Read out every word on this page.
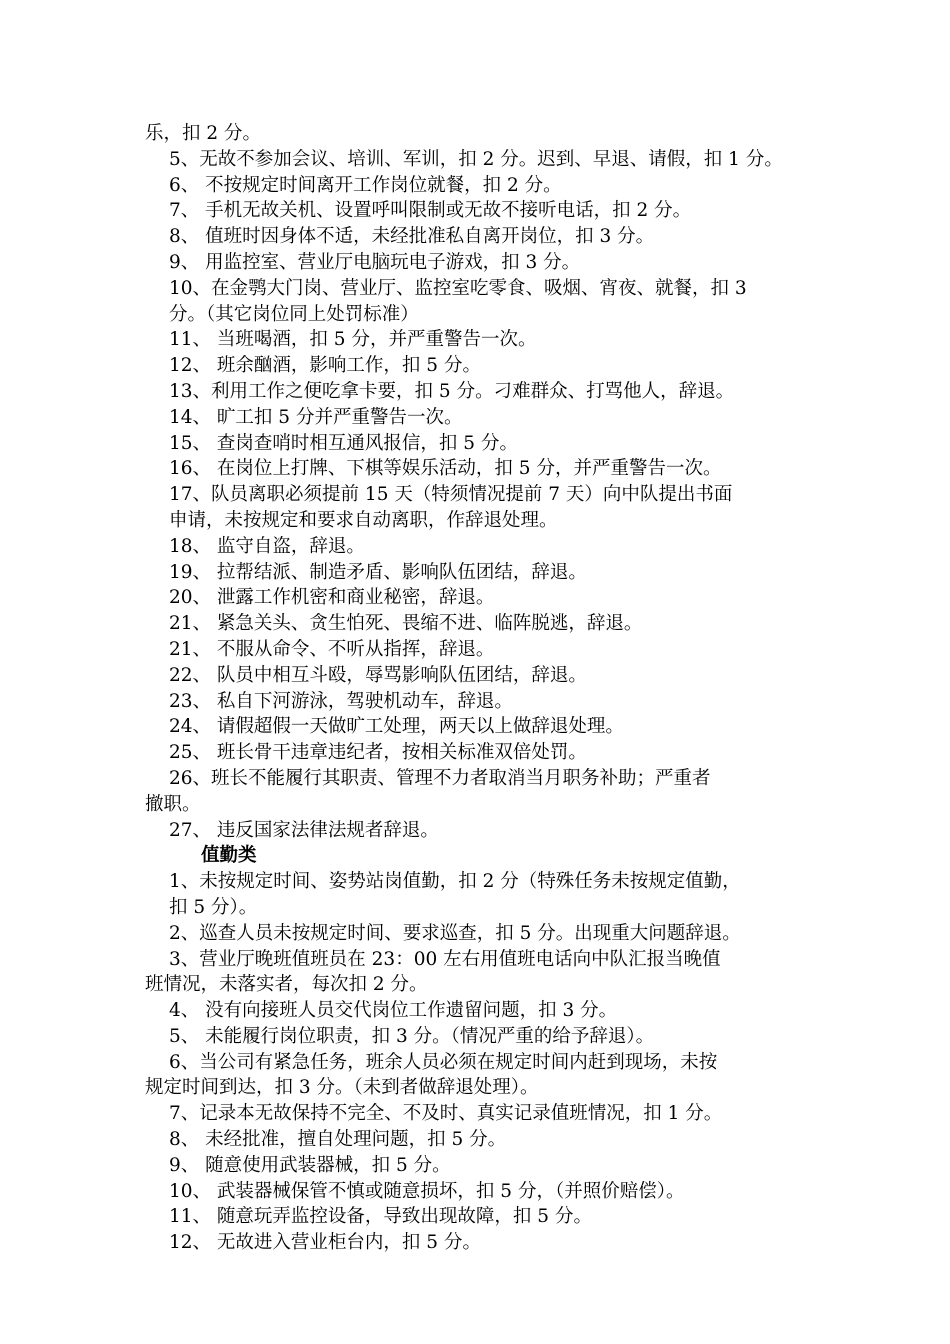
乐，扣 2 分。
5、无故不参加会议、培训、军训，扣 2 分。迟到、早退、请假，扣 1 分。
6、 不按规定时间离开工作岗位就餐，扣 2 分。
7、 手机无故关机、设置呼叫限制或无故不接听电话，扣 2 分。
8、 值班时因身体不适，未经批准私自离开岗位，扣 3 分。
9、 用监控室、营业厅电脑玩电子游戏，扣 3 分。
10、在金鹗大门岗、营业厅、监控室吃零食、吸烟、宵夜、就餐，扣 3
分。（其它岗位同上处罚标准）
11、 当班喝酒，扣 5 分，并严重警告一次。
12、 班余酗酒，影响工作，扣 5 分。
13、利用工作之便吃拿卡要，扣 5 分。刁难群众、打骂他人，辞退。
14、 旷工扣 5 分并严重警告一次。
15、 查岗查哨时相互通风报信，扣 5 分。
16、 在岗位上打牌、下棋等娱乐活动，扣 5 分，并严重警告一次。
17、队员离职必须提前 15 天（特须情况提前 7 天）向中队提出书面
申请，未按规定和要求自动离职，作辞退处理。
18、 监守自盗，辞退。
19、 拉帮结派、制造矛盾、影响队伍团结，辞退。
20、 泄露工作机密和商业秘密，辞退。
21、 紧急关头、贪生怕死、畏缩不进、临阵脱逃，辞退。
21、 不服从命令、不听从指挥，辞退。
22、 队员中相互斗殴，辱骂影响队伍团结，辞退。
23、 私自下河游泳，驾驶机动车，辞退。
24、 请假超假一天做旷工处理，两天以上做辞退处理。
25、 班长骨干违章违纪者，按相关标准双倍处罚。
26、班长不能履行其职责、管理不力者取消当月职务补助；严重者
撤职。
27、 违反国家法律法规者辞退。
值勤类
1、未按规定时间、姿势站岗值勤，扣 2 分（特殊任务未按规定值勤，
扣 5 分）。
2、巡查人员未按规定时间、要求巡查，扣 5 分。出现重大问题辞退。
3、营业厅晚班值班员在 23：00 左右用值班电话向中队汇报当晚值
班情况，未落实者，每次扣 2 分。
4、 没有向接班人员交代岗位工作遗留问题，扣 3 分。
5、 未能履行岗位职责，扣 3 分。（情况严重的给予辞退）。
6、当公司有紧急任务，班余人员必须在规定时间内赶到现场，未按
规定时间到达，扣 3 分。（未到者做辞退处理）。
7、记录本无故保持不完全、不及时、真实记录值班情况，扣 1 分。
8、 未经批准，擅自处理问题，扣 5 分。
9、 随意使用武装器械，扣 5 分。
10、 武装器械保管不慎或随意损坏，扣 5 分，（并照价赔偿）。
11、 随意玩弄监控设备，导致出现故障，扣 5 分。
12、 无故进入营业柜台内，扣 5 分。
